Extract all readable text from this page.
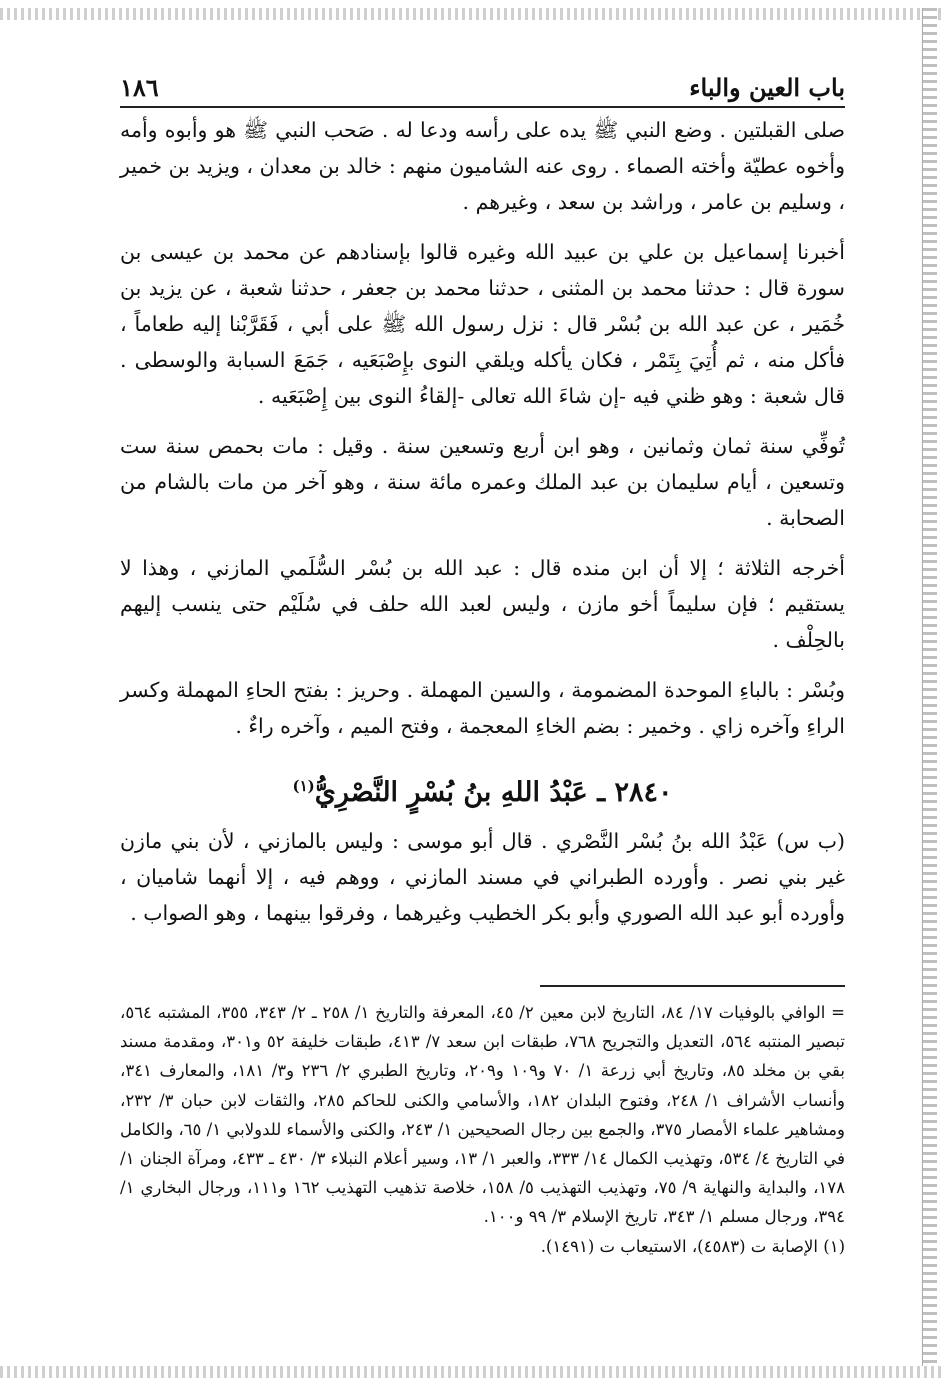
باب العين والباء
١٨٦

صلى القبلتين . وضع النبي ﷺ يده على رأسه ودعا له . صَحب النبي ﷺ هو وأبوه وأمه وأخوه عطيّة وأخته الصماء . روى عنه الشاميون منهم : خالد بن معدان ، ويزيد بن خمير ، وسليم بن عامر ، وراشد بن سعد ، وغيرهم .

أخبرنا إسماعيل بن علي بن عبيد الله وغيره قالوا بإسنادهم عن محمد بن عيسى بن سورة قال : حدثنا محمد بن المثنى ، حدثنا محمد بن جعفر ، حدثنا شعبة ، عن يزيد بن خُمَير ، عن عبد الله بن بُسْر قال : نزل رسول الله ﷺ على أبي ، فَقَرَّبْنا إليه طعاماً ، فأكل منه ، ثم أُتِيَ بِتَمْر ، فكان يأكله ويلقي النوى بإِصْبَعَيه ، جَمَعَ السبابة والوسطى . قال شعبة : وهو ظني فيه -إن شاءَ الله تعالى -إلقاءُ النوى بين إِصْبَعَيه .

تُوفِّي سنة ثمان وثمانين ، وهو ابن أربع وتسعين سنة . وقيل : مات بحمص سنة ست وتسعين ، أيام سليمان بن عبد الملك وعمره مائة سنة ، وهو آخر من مات بالشام من الصحابة .

أخرجه الثلاثة ؛ إلا أن ابن منده قال : عبد الله بن بُسْر السُّلَمي المازني ، وهذا لا يستقيم ؛ فإن سليماً أخو مازن ، وليس لعبد الله حلف في سُلَيْم حتى ينسب إليهم بالحِلْف .

وبُسْر : بالباءِ الموحدة المضمومة ، والسين المهملة . وحريز : بفتح الحاءِ المهملة وكسر الراءِ وآخره زاي . وخمير : بضم الخاءِ المعجمة ، وفتح الميم ، وآخره راءٌ .

٢٨٤٠ ـ عَبْدُ اللهِ بنُ بُسْرٍ النَّصْرِيُّ$^{(١)}$

(ب س) عَبْدُ الله بنُ بُسْر النَّصْري . قال أبو موسى : وليس بالمازني ، لأن بني مازن غير بني نصر . وأورده الطبراني في مسند المازني ، ووهم فيه ، إلا أنهما شاميان ، وأورده أبو عبد الله الصوري وأبو بكر الخطيب وغيرهما ، وفرقوا بينهما ، وهو الصواب .

= الوافي بالوفيات ١٧/ ٨٤، التاريخ لابن معين ٢/ ٤٥، المعرفة والتاريخ ١/ ٢٥٨ ـ ٢/ ٣٤٣، ٣٥٥، المشتبه ٥٦٤، تبصير المنتبه ٥٦٤، التعديل والتجريح ٧٦٨، طبقات ابن سعد ٧/ ٤١٣، طبقات خليفة ٥٢ و٣٠١، ومقدمة مسند بقي بن مخلد ٨٥، وتاريخ أبي زرعة ١/ ٧٠ و١٠٩ و٢٠٩، وتاريخ الطبري ٢/ ٢٣٦ و٣/ ١٨١، والمعارف ٣٤١، وأنساب الأشراف ١/ ٢٤٨، وفتوح البلدان ١٨٢، والأسامي والكنى للحاكم ٢٨٥، والثقات لابن حبان ٣/ ٢٣٢، ومشاهير علماء الأمصار ٣٧٥، والجمع بين رجال الصحيحين ١/ ٢٤٣، والكنى والأسماء للدولابي ١/ ٦٥، والكامل في التاريخ ٤/ ٥٣٤، وتهذيب الكمال ١٤/ ٣٣٣، والعبر ١/ ١٣، وسير أعلام النبلاء ٣/ ٤٣٠ ـ ٤٣٣، ومرآة الجنان ١/ ١٧٨، والبداية والنهاية ٩/ ٧٥، وتهذيب التهذيب ٥/ ١٥٨، خلاصة تذهيب التهذيب ١٦٢ و١١١، ورجال البخاري ١/ ٣٩٤، ورجال مسلم ١/ ٣٤٣، تاريخ الإسلام ٣/ ٩٩ و١٠٠.

(١) الإصابة ت (٤٥٨٣)، الاستيعاب ت (١٤٩١).
